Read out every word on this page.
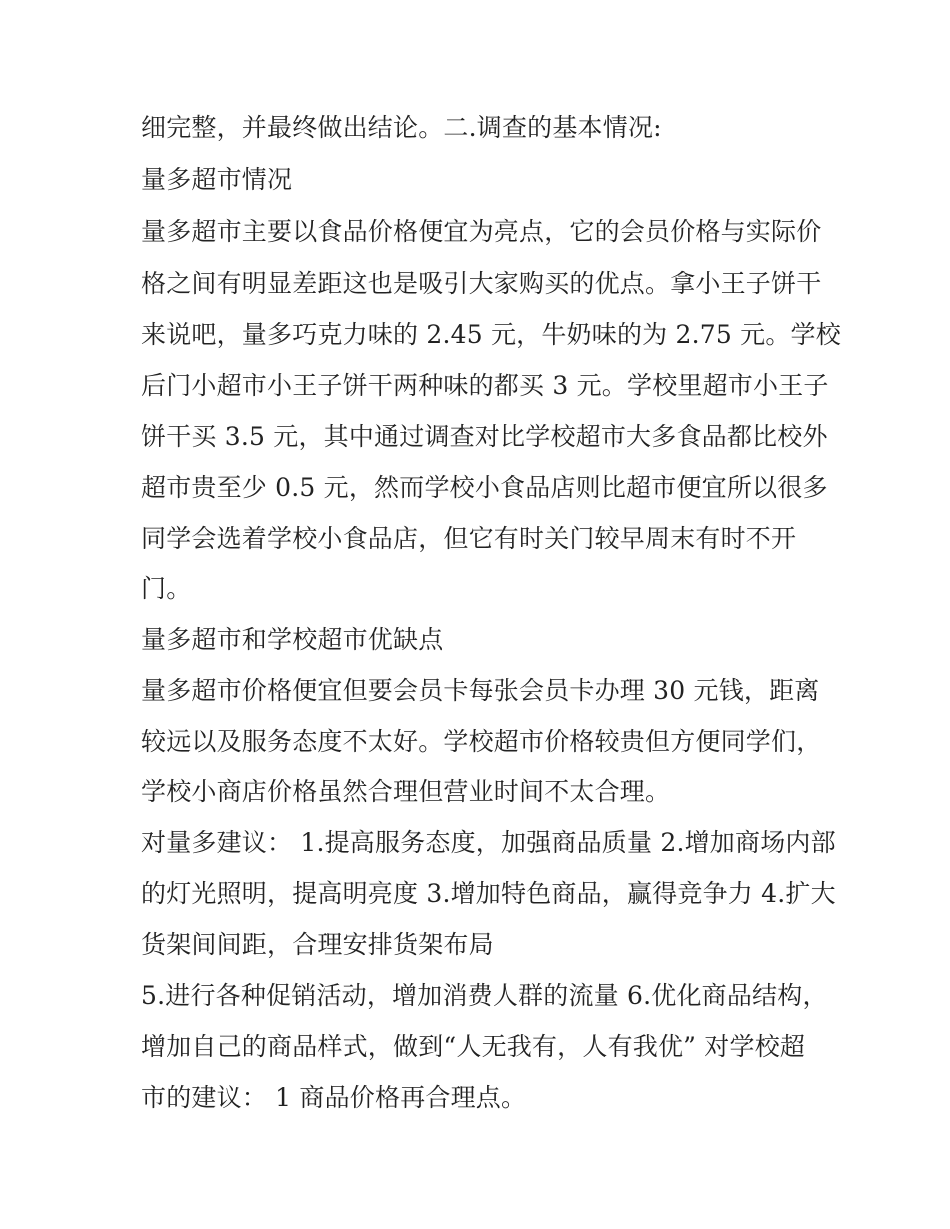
细完整，并最终做出结论。二.调查的基本情况:
量多超市情况
量多超市主要以食品价格便宜为亮点，它的会员价格与实际价
格之间有明显差距这也是吸引大家购买的优点。拿小王子饼干
来说吧，量多巧克力味的 2.45 元，牛奶味的为 2.75 元。学校
后门小超市小王子饼干两种味的都买 3 元。学校里超市小王子
饼干买 3.5 元，其中通过调查对比学校超市大多食品都比校外
超市贵至少 0.5 元，然而学校小食品店则比超市便宜所以很多
同学会选着学校小食品店，但它有时关门较早周末有时不开
门。
量多超市和学校超市优缺点
量多超市价格便宜但要会员卡每张会员卡办理 30 元钱，距离
较远以及服务态度不太好。学校超市价格较贵但方便同学们，
学校小商店价格虽然合理但营业时间不太合理。
对量多建议： 1.提高服务态度，加强商品质量 2.增加商场内部
的灯光照明，提高明亮度 3.增加特色商品，赢得竞争力 4.扩大
货架间间距，合理安排货架布局
5.进行各种促销活动，增加消费人群的流量 6.优化商品结构，
增加自己的商品样式，做到“人无我有，人有我优” 对学校超
市的建议： 1 商品价格再合理点。
